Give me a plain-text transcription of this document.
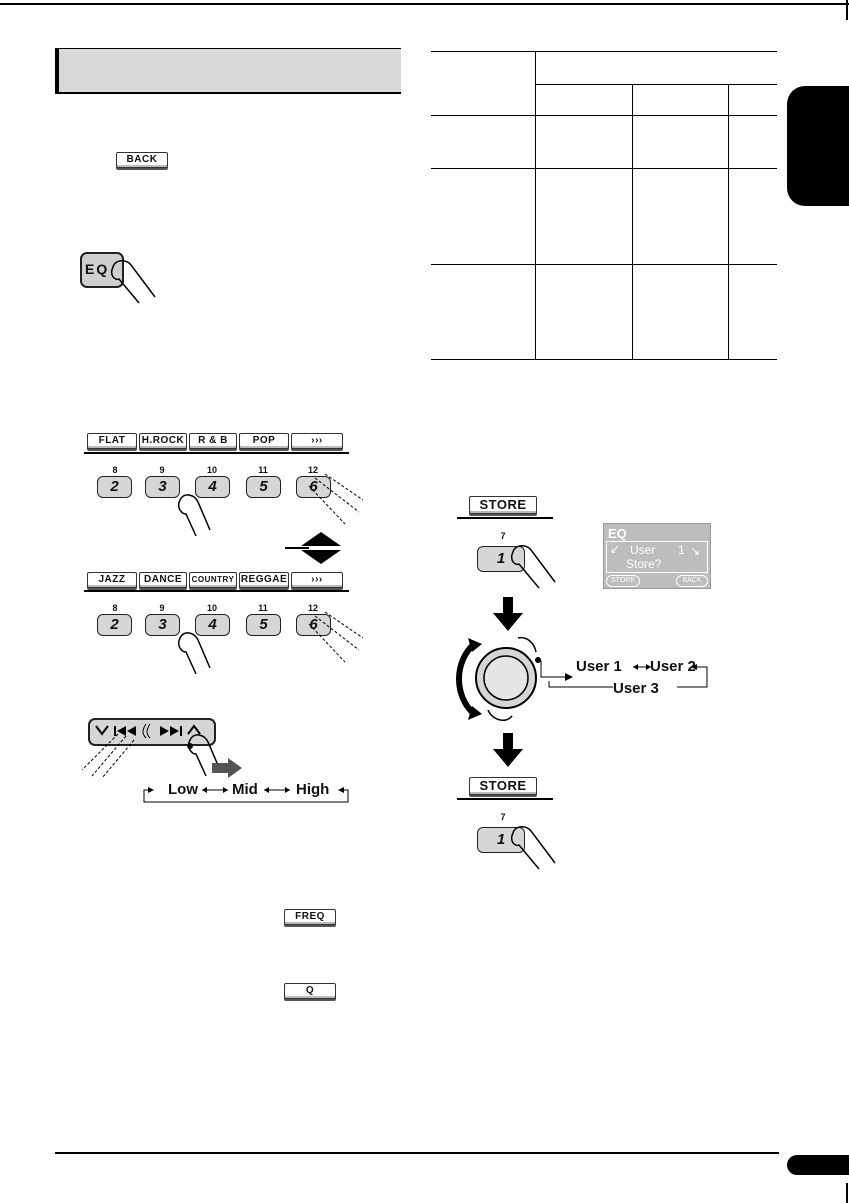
BACK
EQ
FLAT	H.ROCK	R & B	POP	›››
8	9	10	11	12
2	3	4	5	6
JAZZ	DANCE	COUNTRY REGGAE	›››
8	9	10	11	12
2	3	4	5	6
Low Mid	High
FREQ
Q

STORE
7
1
EQ
↙ User 1 ↘
Store?
STORE	BACK
User 1 User 2
User 3
STORE
7
1
